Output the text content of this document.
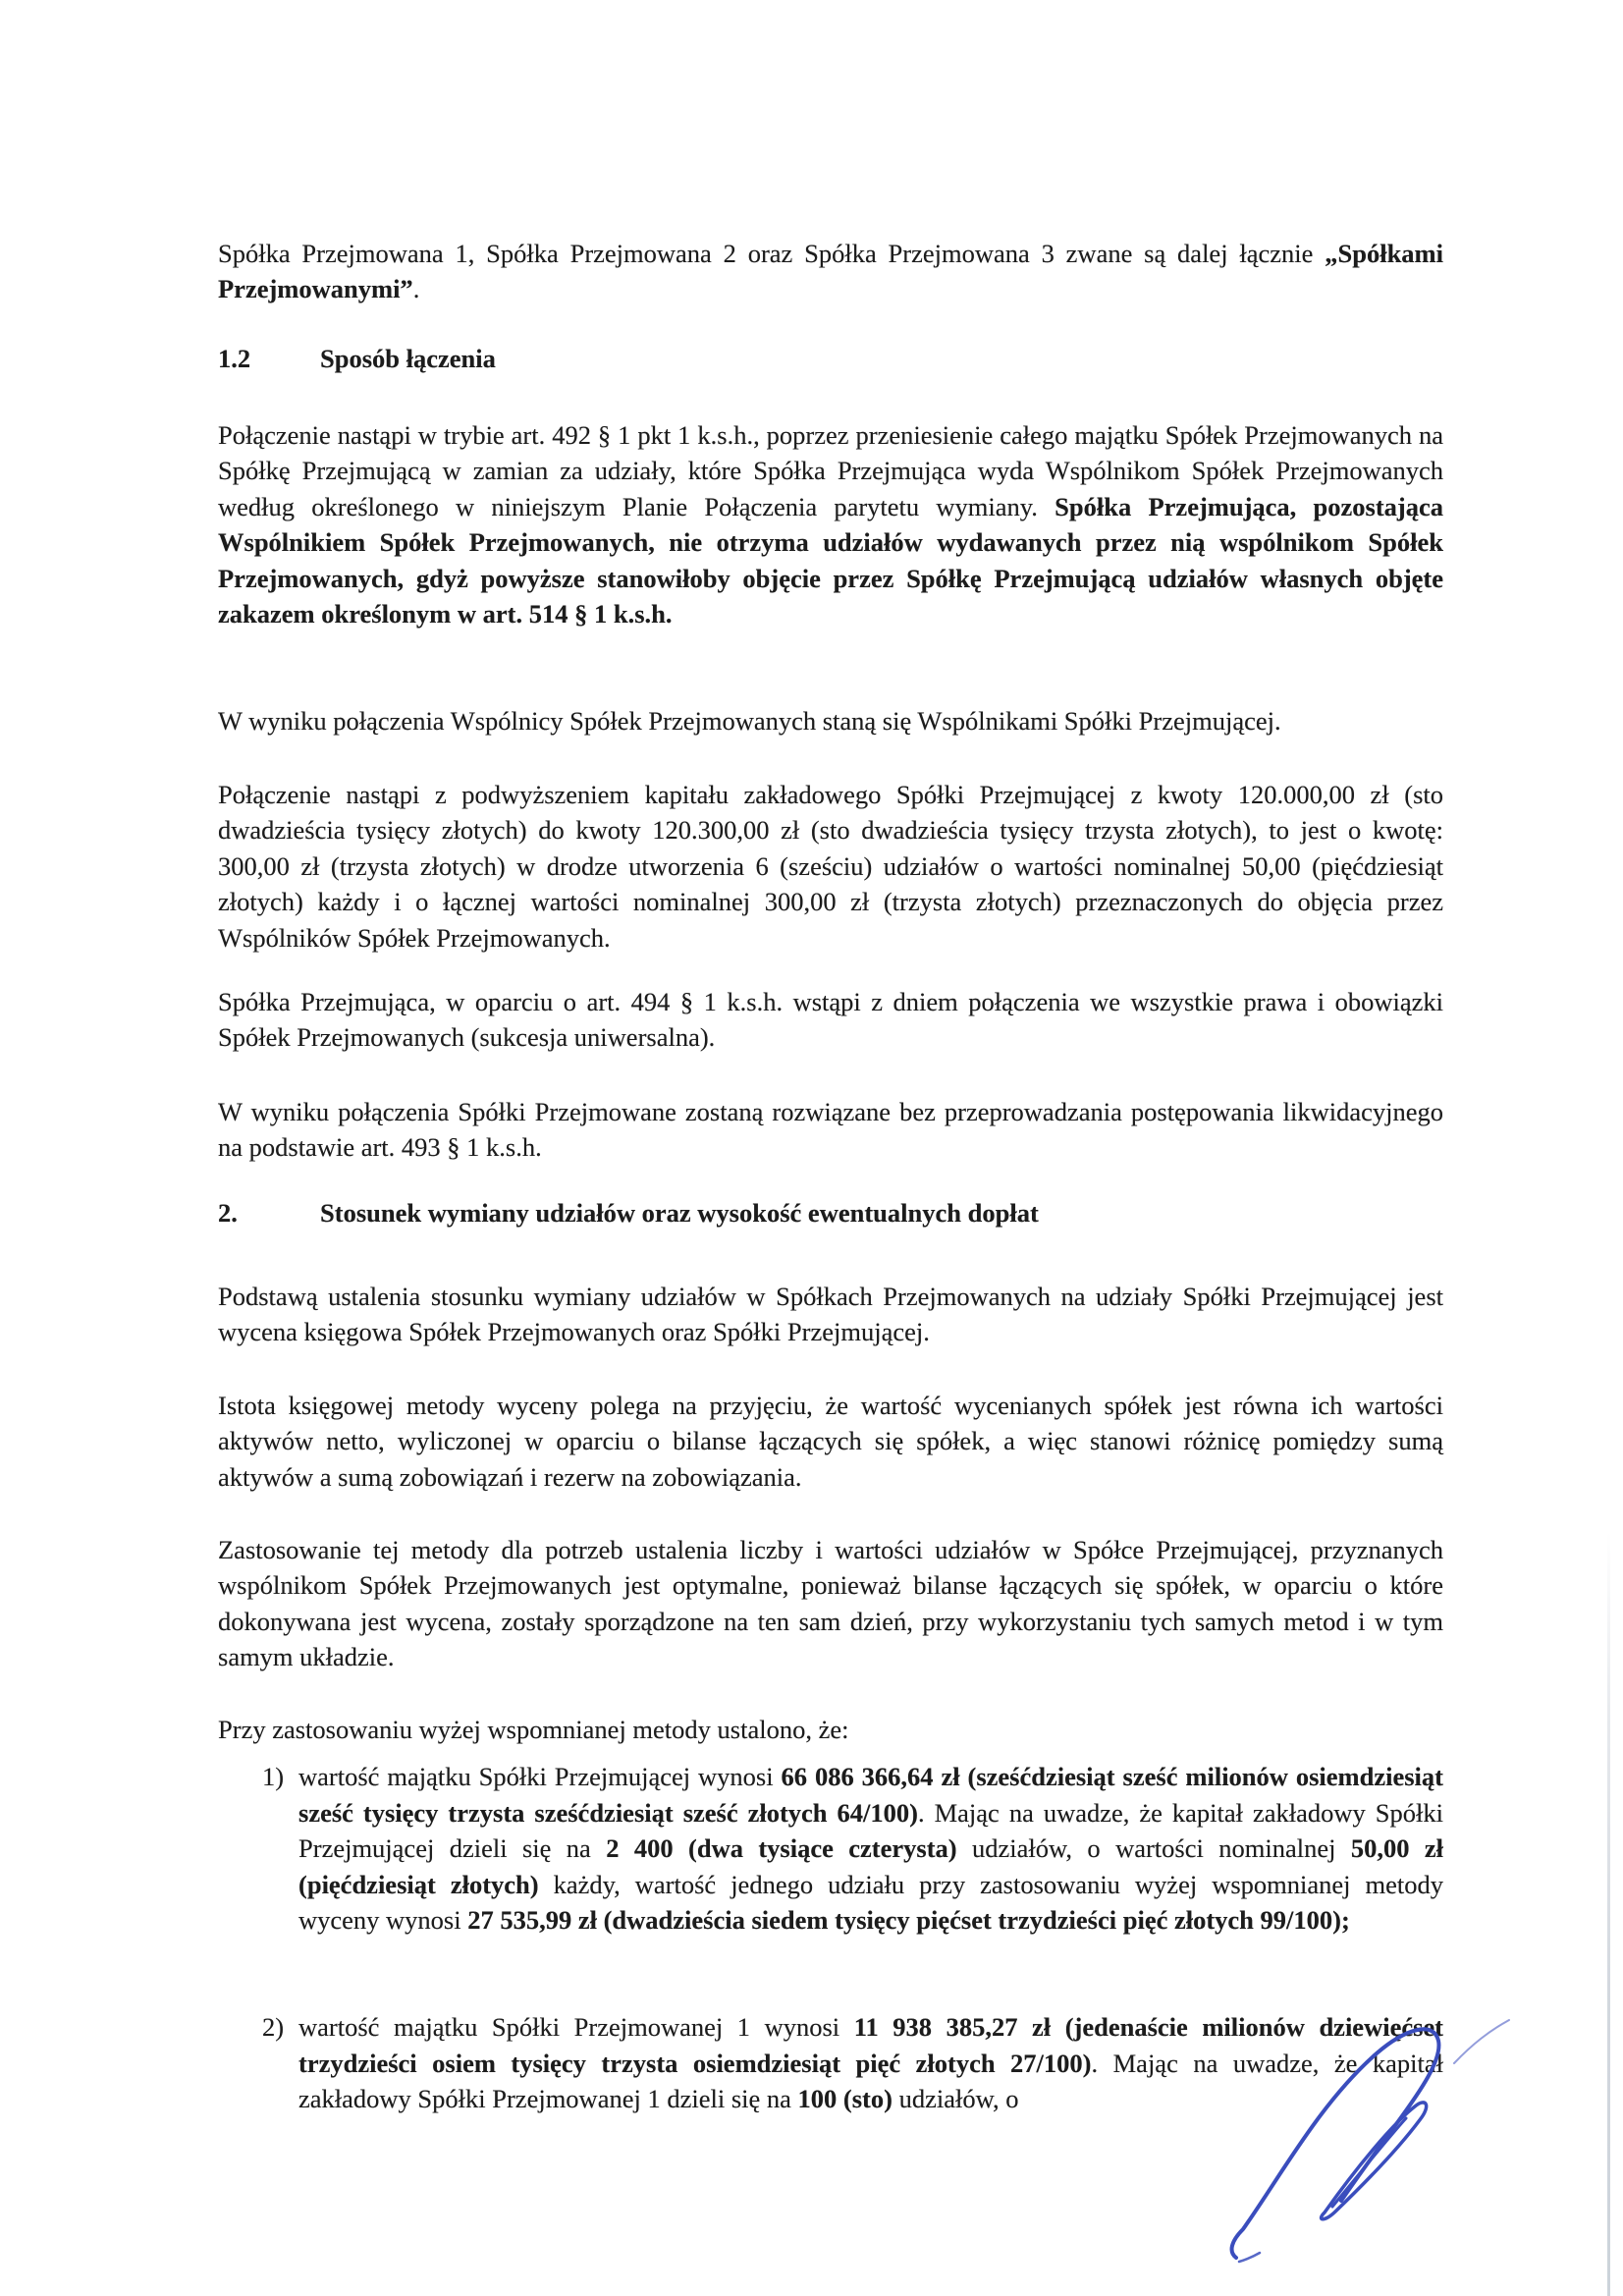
Spółka Przejmowana 1, Spółka Przejmowana 2 oraz Spółka Przejmowana 3 zwane są dalej łącznie „Spółkami Przejmowanymi”.

1.2	Sposób łączenia

Połączenie nastąpi w trybie art. 492 § 1 pkt 1 k.s.h., poprzez przeniesienie całego majątku Spółek Przejmowanych na Spółkę Przejmującą w zamian za udziały, które Spółka Przejmująca wyda Wspólnikom Spółek Przejmowanych według określonego w niniejszym Planie Połączenia parytetu wymiany. Spółka Przejmująca, pozostająca Wspólnikiem Spółek Przejmowanych, nie otrzyma udziałów wydawanych przez nią wspólnikom Spółek Przejmowanych, gdyż powyższe stanowiłoby objęcie przez Spółkę Przejmującą udziałów własnych objęte zakazem określonym w art. 514 § 1 k.s.h.

W wyniku połączenia Wspólnicy Spółek Przejmowanych staną się Wspólnikami Spółki Przejmującej.

Połączenie nastąpi z podwyższeniem kapitału zakładowego Spółki Przejmującej z kwoty 120.000,00 zł (sto dwadzieścia tysięcy złotych) do kwoty 120.300,00 zł (sto dwadzieścia tysięcy trzysta złotych), to jest o kwotę: 300,00 zł (trzysta złotych) w drodze utworzenia 6 (sześciu) udziałów o wartości nominalnej 50,00 (pięćdziesiąt złotych) każdy i o łącznej wartości nominalnej 300,00 zł (trzysta złotych) przeznaczonych do objęcia przez Wspólników Spółek Przejmowanych.

Spółka Przejmująca, w oparciu o art. 494 § 1 k.s.h. wstąpi z dniem połączenia we wszystkie prawa i obowiązki Spółek Przejmowanych (sukcesja uniwersalna).

W wyniku połączenia Spółki Przejmowane zostaną rozwiązane bez przeprowadzania postępowania likwidacyjnego na podstawie art. 493 § 1 k.s.h.

2.	Stosunek wymiany udziałów oraz wysokość ewentualnych dopłat

Podstawą ustalenia stosunku wymiany udziałów w Spółkach Przejmowanych na udziały Spółki Przejmującej jest wycena księgowa Spółek Przejmowanych oraz Spółki Przejmującej.

Istota księgowej metody wyceny polega na przyjęciu, że wartość wycenianych spółek jest równa ich wartości aktywów netto, wyliczonej w oparciu o bilanse łączących się spółek, a więc stanowi różnicę pomiędzy sumą aktywów a sumą zobowiązań i rezerw na zobowiązania.

Zastosowanie tej metody dla potrzeb ustalenia liczby i wartości udziałów w Spółce Przejmującej, przyznanych wspólnikom Spółek Przejmowanych jest optymalne, ponieważ bilanse łączących się spółek, w oparciu o które dokonywana jest wycena, zostały sporządzone na ten sam dzień, przy wykorzystaniu tych samych metod i w tym samym układzie.

Przy zastosowaniu wyżej wspomnianej metody ustalono, że:

1) wartość majątku Spółki Przejmującej wynosi 66 086 366,64 zł (sześćdziesiąt sześć milionów osiemdziesiąt sześć tysięcy trzysta sześćdziesiąt sześć złotych 64/100). Mając na uwadze, że kapitał zakładowy Spółki Przejmującej dzieli się na 2 400 (dwa tysiące czterysta) udziałów, o wartości nominalnej 50,00 zł (pięćdziesiąt złotych) każdy, wartość jednego udziału przy zastosowaniu wyżej wspomnianej metody wyceny wynosi 27 535,99 zł (dwadzieścia siedem tysięcy pięćset trzydzieści pięć złotych 99/100);
2) wartość majątku Spółki Przejmowanej 1 wynosi 11 938 385,27 zł (jedenaście milionów dziewięćset trzydzieści osiem tysięcy trzysta osiemdziesiąt pięć złotych 27/100). Mając na uwadze, że kapitał zakładowy Spółki Przejmowanej 1 dzieli się na 100 (sto) udziałów, o
